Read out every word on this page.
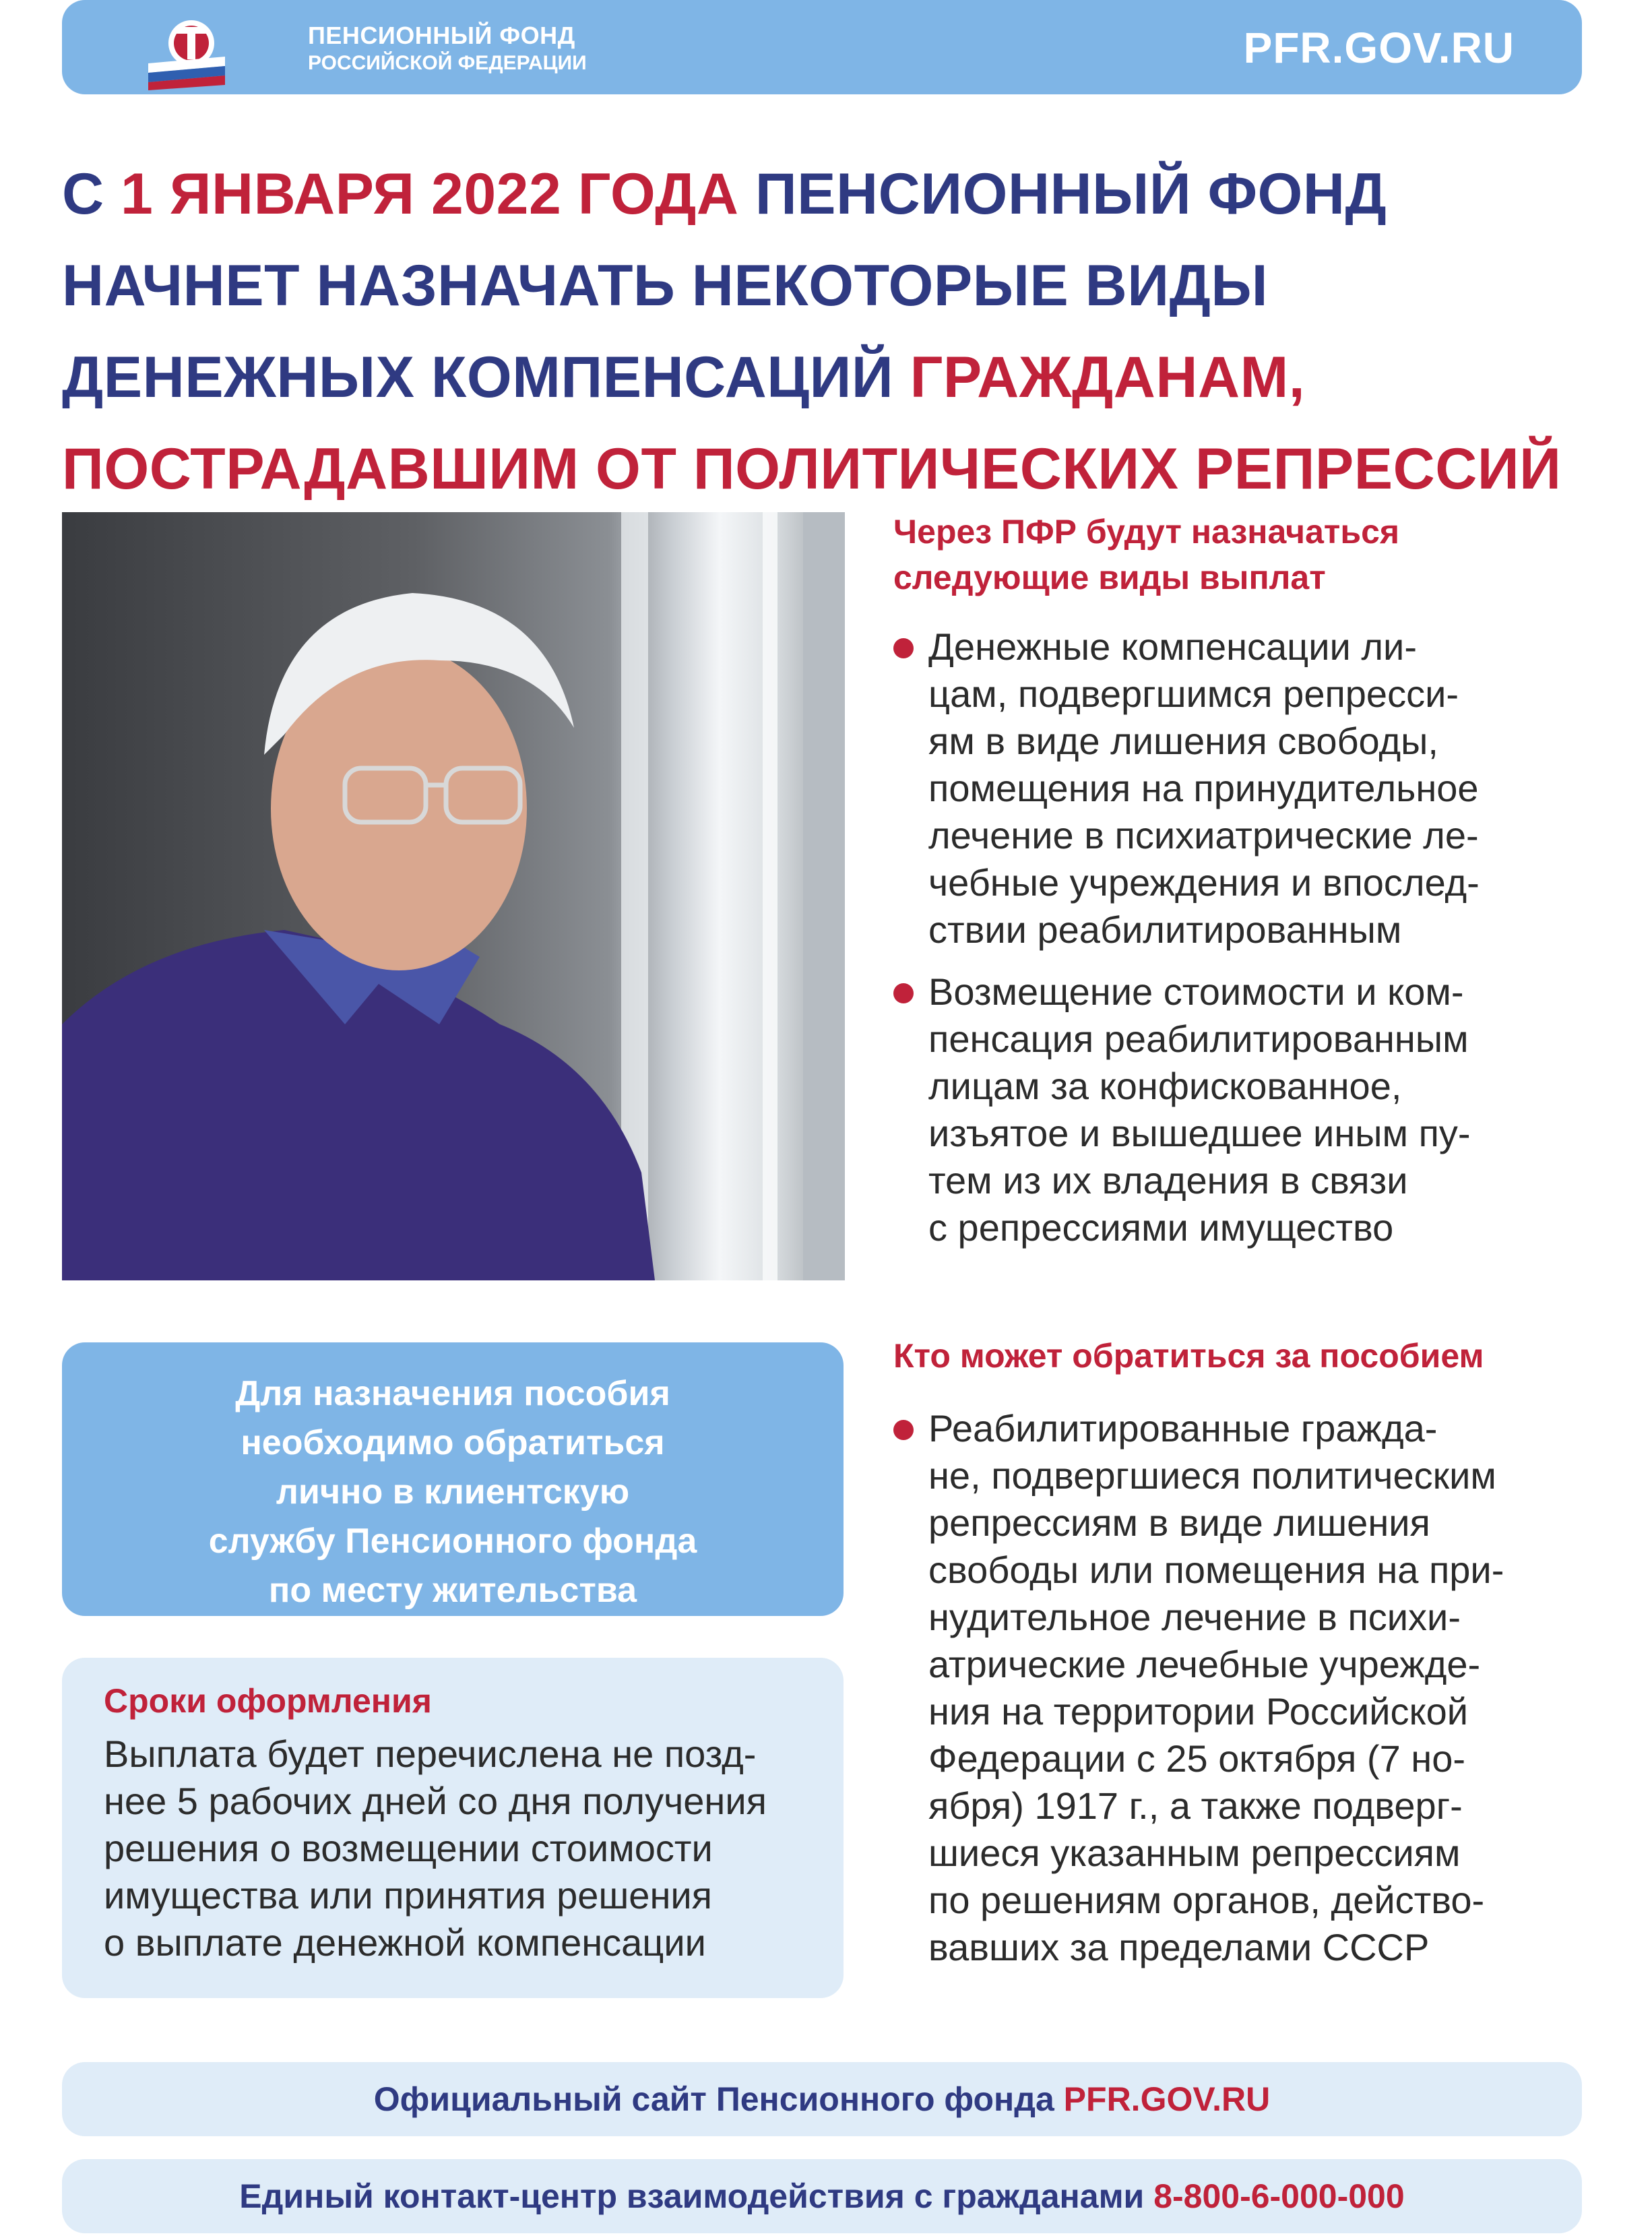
ПЕНСИОННЫЙ ФОНД
РОССИЙСКОЙ ФЕДЕРАЦИИ	PFR.GOV.RU
С 1 ЯНВАРЯ 2022 ГОДА ПЕНСИОННЫЙ ФОНД
НАЧНЕТ НАЗНАЧАТЬ НЕКОТОРЫЕ ВИДЫ
ДЕНЕЖНЫХ КОМПЕНСАЦИЙ ГРАЖДАНАМ,
ПОСТРАДАВШИМ ОТ ПОЛИТИЧЕСКИХ РЕПРЕССИЙ
Через ПФР будут назначаться
следующие виды выплат
Денежные компенсации ли-
цам, подвергшимся репресси-
ям в виде лишения свободы,
помещения на принудительное
лечение в психиатрические ле-
чебные учреждения и впослед-
ствии реабилитированным
Возмещение стоимости и ком-
пенсация реабилитированным
лицам за конфискованное,
изъятое и вышедшее иным пу-
тем из их владения в связи
с репрессиями имущество
Кто может обратиться за пособием
Реабилитированные гражда-
не, подвергшиеся политическим
репрессиям в виде лишения
свободы или помещения на при-
нудительное лечение в психи-
атрические лечебные учрежде-
ния на территории Российской
Федерации с 25 октября (7 но-
ября) 1917 г., а также подверг-
шиеся указанным репрессиям
по решениям органов, действо-
вавших за пределами СССР
Для назначения пособия
необходимо обратиться
лично в клиентскую
службу Пенсионного фонда
по месту жительства
Сроки оформления
Выплата будет перечислена не позд-
нее 5 рабочих дней со дня получения
решения о возмещении стоимости
имущества или принятия решения
о выплате денежной компенсации
Официальный сайт Пенсионного фонда PFR.GOV.RU
Единый контакт-центр взаимодействия с гражданами 8-800-6-000-000
